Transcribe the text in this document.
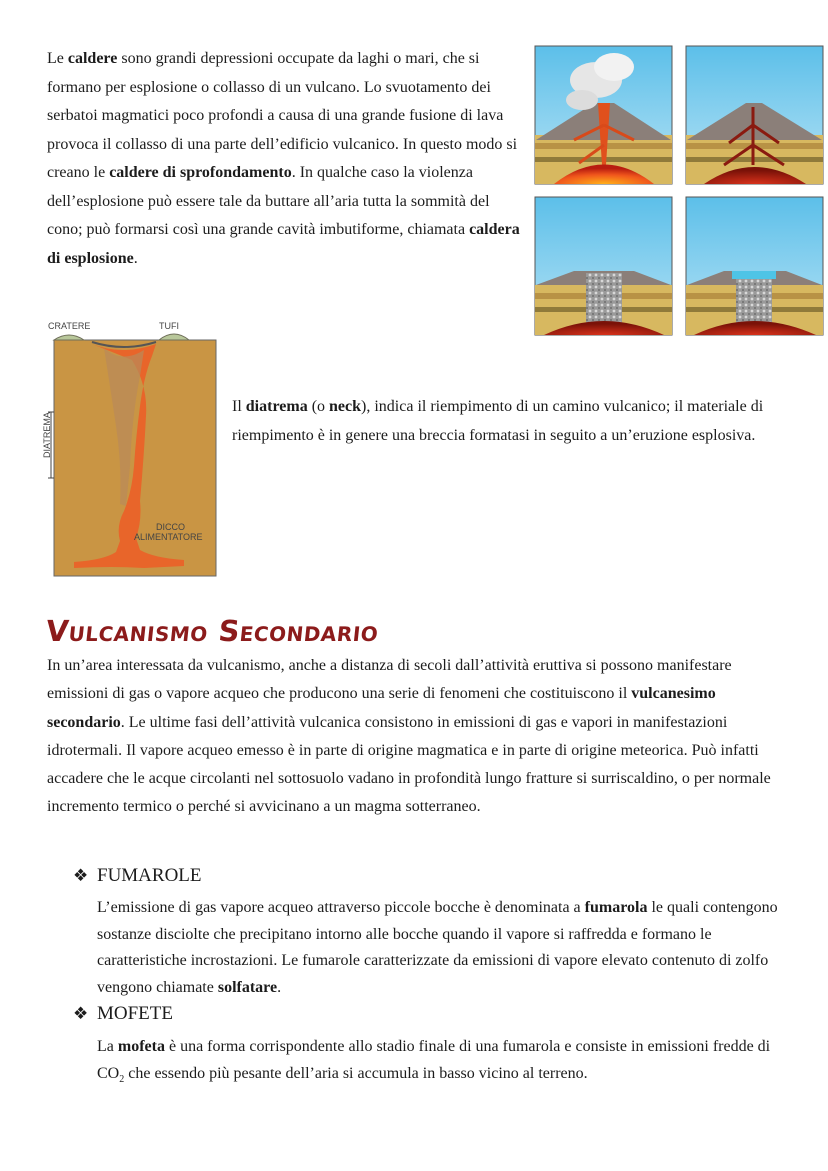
Le caldere sono grandi depressioni occupate da laghi o mari, che si formano per esplosione o collasso di un vulcano. Lo svuotamento dei serbatoi magmatici poco profondi a causa di una grande fusione di lava provoca il collasso di una parte dell’edificio vulcanico. In questo modo si creano le caldere di sprofondamento. In qualche caso la violenza dell’esplosione può essere tale da buttare all’aria tutta la sommità del cono; può formarsi così una grande cavità imbutiforme, chiamata caldera di esplosione.

CRATERE	TUFI
DIATREMA
DICCO
ALIMENTATORE

Il diatrema (o neck), indica il riempimento di un camino vulcanico; il materiale di riempimento è in genere una breccia formatasi in seguito a un’eruzione esplosiva.

Vulcanismo Secondario

In un’area interessata da vulcanismo, anche a distanza di secoli dall’attività eruttiva si possono manifestare emissioni di gas o vapore acqueo che producono una serie di fenomeni che costituiscono il vulcanesimo secondario. Le ultime fasi dell’attività vulcanica consistono in emissioni di gas e vapori in manifestazioni idrotermali. Il vapore acqueo emesso è in parte di origine magmatica e in parte di origine meteorica. Può infatti accadere che le acque circolanti nel sottosuolo vadano in profondità lungo fratture si surriscaldino, o per normale incremento termico o perché si avvicinano a un magma sotterraneo.

❖ FUMAROLE

L’emissione di gas vapore acqueo attraverso piccole bocche è denominata a fumarola le quali contengono sostanze disciolte che precipitano intorno alle bocche quando il vapore si raffredda e formano le caratteristiche incrostazioni. Le fumarole caratterizzate da emissioni di vapore elevato contenuto di zolfo vengono chiamate solfatare.

❖ MOFETE

La mofeta è una forma corrispondente allo stadio finale di una fumarola e consiste in emissioni fredde di $CO_2$ che essendo più pesante dell’aria si accumula in basso vicino al terreno.
